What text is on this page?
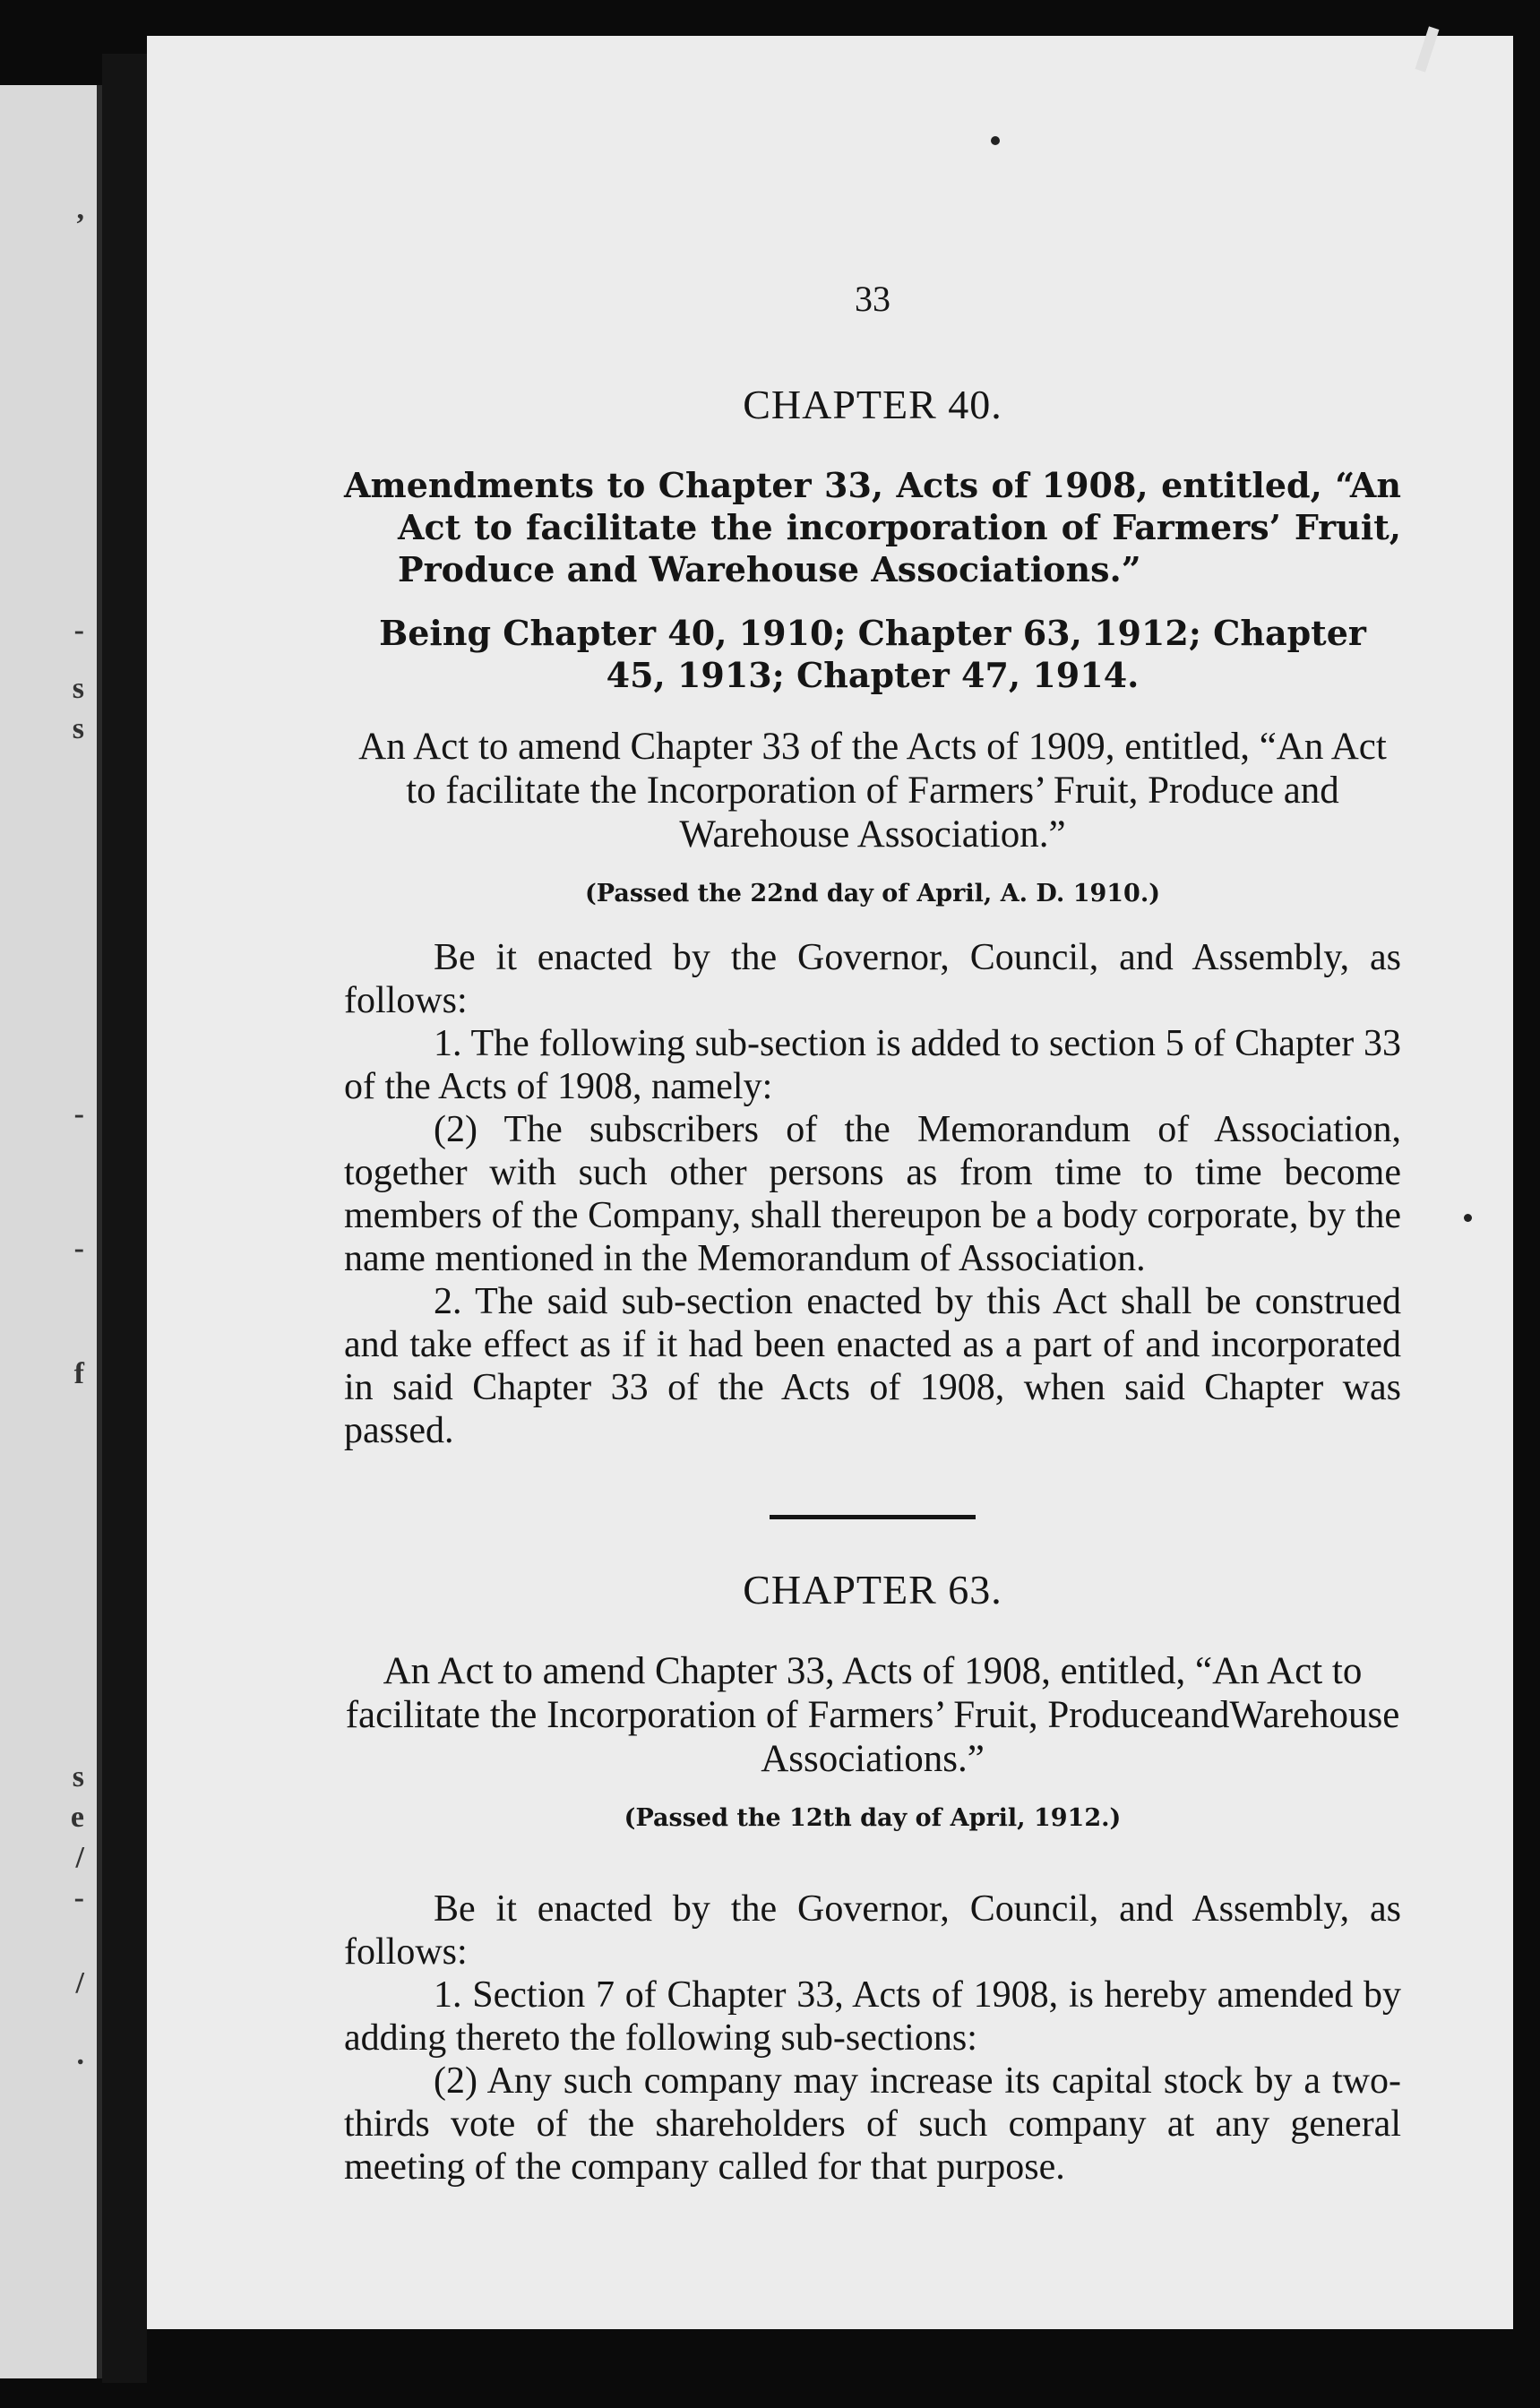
,
-
s
s
-
-
f
s
e
/
-
/
.
33
CHAPTER 40.

Amendments to Chapter 33, Acts of 1908, entitled, “An Act to facilitate the incorporation of Farmers’ Fruit, Produce and Warehouse Associations.”

Being Chapter 40, 1910; Chapter 63, 1912; Chapter 45, 1913; Chapter 47, 1914.

An Act to amend Chapter 33 of the Acts of 1909, entitled, “An Act to facilitate the Incorporation of Farmers’ Fruit, Produce and Warehouse Association.”

(Passed the 22nd day of April, A. D. 1910.)

Be it enacted by the Governor, Council, and Assembly, as follows:

1. The following sub-section is added to section 5 of Chapter 33 of the Acts of 1908, namely:

(2) The subscribers of the Memorandum of Association, together with such other persons as from time to time become members of the Company, shall thereupon be a body corporate, by the name mentioned in the Memorandum of Association.

2. The said sub-section enacted by this Act shall be construed and take effect as if it had been enacted as a part of and incorporated in said Chapter 33 of the Acts of 1908, when said Chapter was passed.

CHAPTER 63.

An Act to amend Chapter 33, Acts of 1908, entitled, “An Act to facilitate the Incorporation of Farmers’ Fruit, ProduceandWarehouse Associations.”

(Passed the 12th day of April, 1912.)

Be it enacted by the Governor, Council, and Assembly, as follows:

1. Section 7 of Chapter 33, Acts of 1908, is hereby amended by adding thereto the following sub-sections:

(2) Any such company may increase its capital stock by a two-thirds vote of the shareholders of such company at any general meeting of the company called for that purpose.
